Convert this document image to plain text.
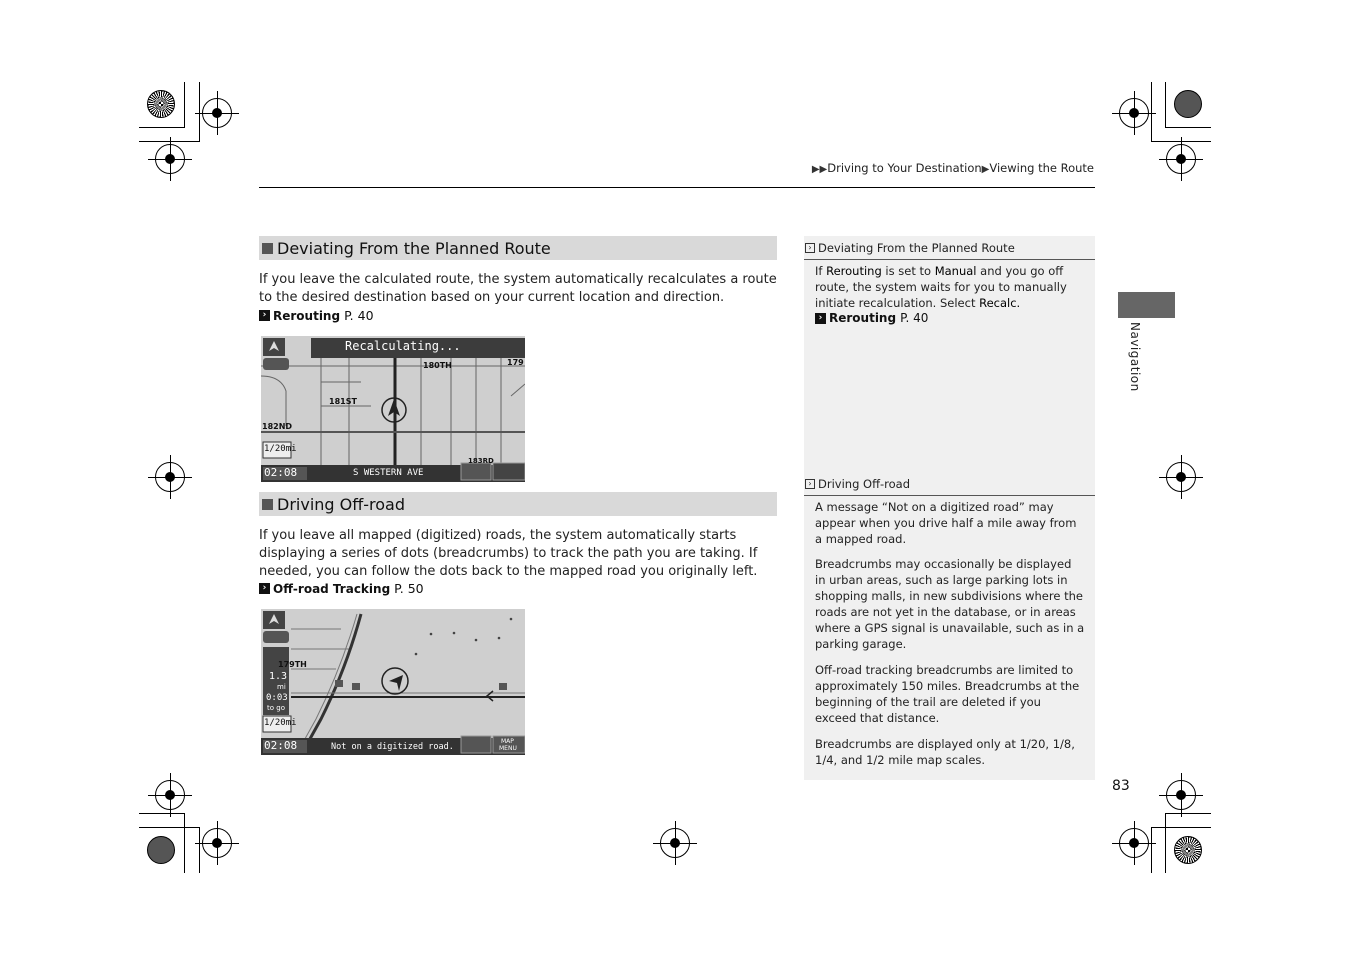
▶▶Driving to Your Destination▶Viewing the Route
Deviating From the Planned Route
If you leave the calculated route, the system automatically recalculates a route to the desired destination based on your current location and direction.
› Rerouting P. 40
Recalculating...
180TH
181ST
182ND
179
183RD
1/20mi
02:08	S WESTERN AVE
Driving Off-road
If you leave all mapped (digitized) roads, the system automatically starts displaying a series of dots (breadcrumbs) to track the path you are taking. If needed, you can follow the dots back to the mapped road you originally left.
› Off-road Tracking P. 50
179TH
1.3
mi
0:03
to go
1/20mi
02:08	Not on a digitized road.
MAP
MENU
› Deviating From the Planned Route
If Rerouting is set to Manual and you go off route, the system waits for you to manually initiate recalculation. Select Recalc.
› Rerouting P. 40
› Driving Off-road
A message “Not on a digitized road” may appear when you drive half a mile away from a mapped road.
Breadcrumbs may occasionally be displayed in urban areas, such as large parking lots in shopping malls, in new subdivisions where the roads are not yet in the database, or in areas where a GPS signal is unavailable, such as in a parking garage.
Off-road tracking breadcrumbs are limited to approximately 150 miles. Breadcrumbs at the beginning of the trail are deleted if you exceed that distance.
Breadcrumbs are displayed only at 1/20, 1/8, 1/4, and 1/2 mile map scales.
Navigation
83
